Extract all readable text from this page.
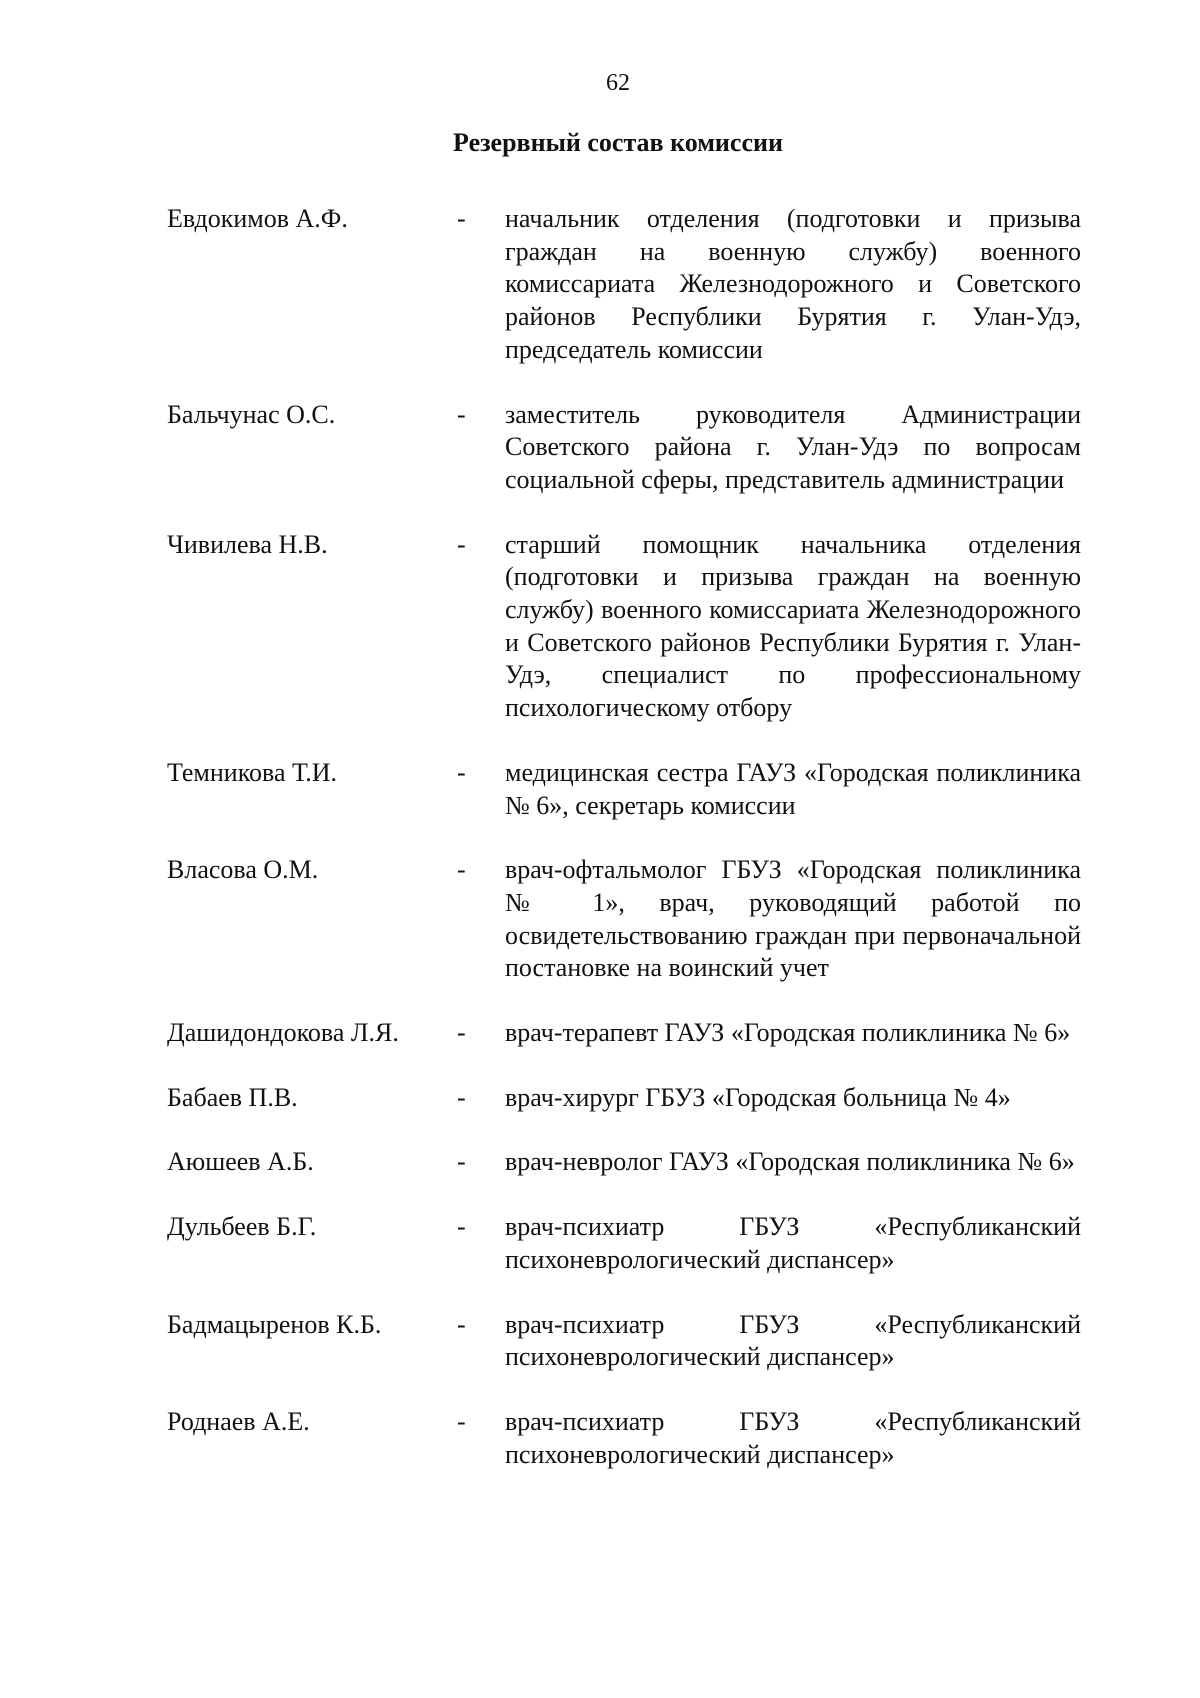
62
Резервный состав комиссии
Евдокимов А.Ф.	-	начальник отделения (подготовки и призыва граждан на военную службу) военного комиссариата Железнодорожного и Советского районов Республики Бурятия г. Улан-Удэ, председатель комиссии
Бальчунас О.С.	-	заместитель руководителя Администрации Советского района г. Улан-Удэ по вопросам социальной сферы, представитель администрации
Чивилева Н.В.	-	старший помощник начальника отделения (подготовки и призыва граждан на военную службу) военного комиссариата Железнодорожного и Советского районов Республики Бурятия г. Улан-Удэ, специалист по профессиональному психологическому отбору
Темникова Т.И.	-	медицинская сестра ГАУЗ «Городская поликлиника № 6», секретарь комиссии
Власова О.М.	-	врач-офтальмолог ГБУЗ «Городская поликлиника № 1», врач, руководящий работой по освидетельствованию граждан при первоначальной постановке на воинский учет
Дашидондокова Л.Я.	-	врач-терапевт ГАУЗ «Городская поликлиника № 6»
Бабаев П.В.	-	врач-хирург ГБУЗ «Городская больница № 4»
Аюшеев А.Б.	-	врач-невролог ГАУЗ «Городская поликлиника № 6»
Дульбеев Б.Г.	-	врач-психиатр ГБУЗ «Республиканский психоневрологический диспансер»
Бадмацыренов К.Б.	-	врач-психиатр ГБУЗ «Республиканский психоневрологический диспансер»
Роднаев А.Е.	-	врач-психиатр ГБУЗ «Республиканский психоневрологический диспансер»
